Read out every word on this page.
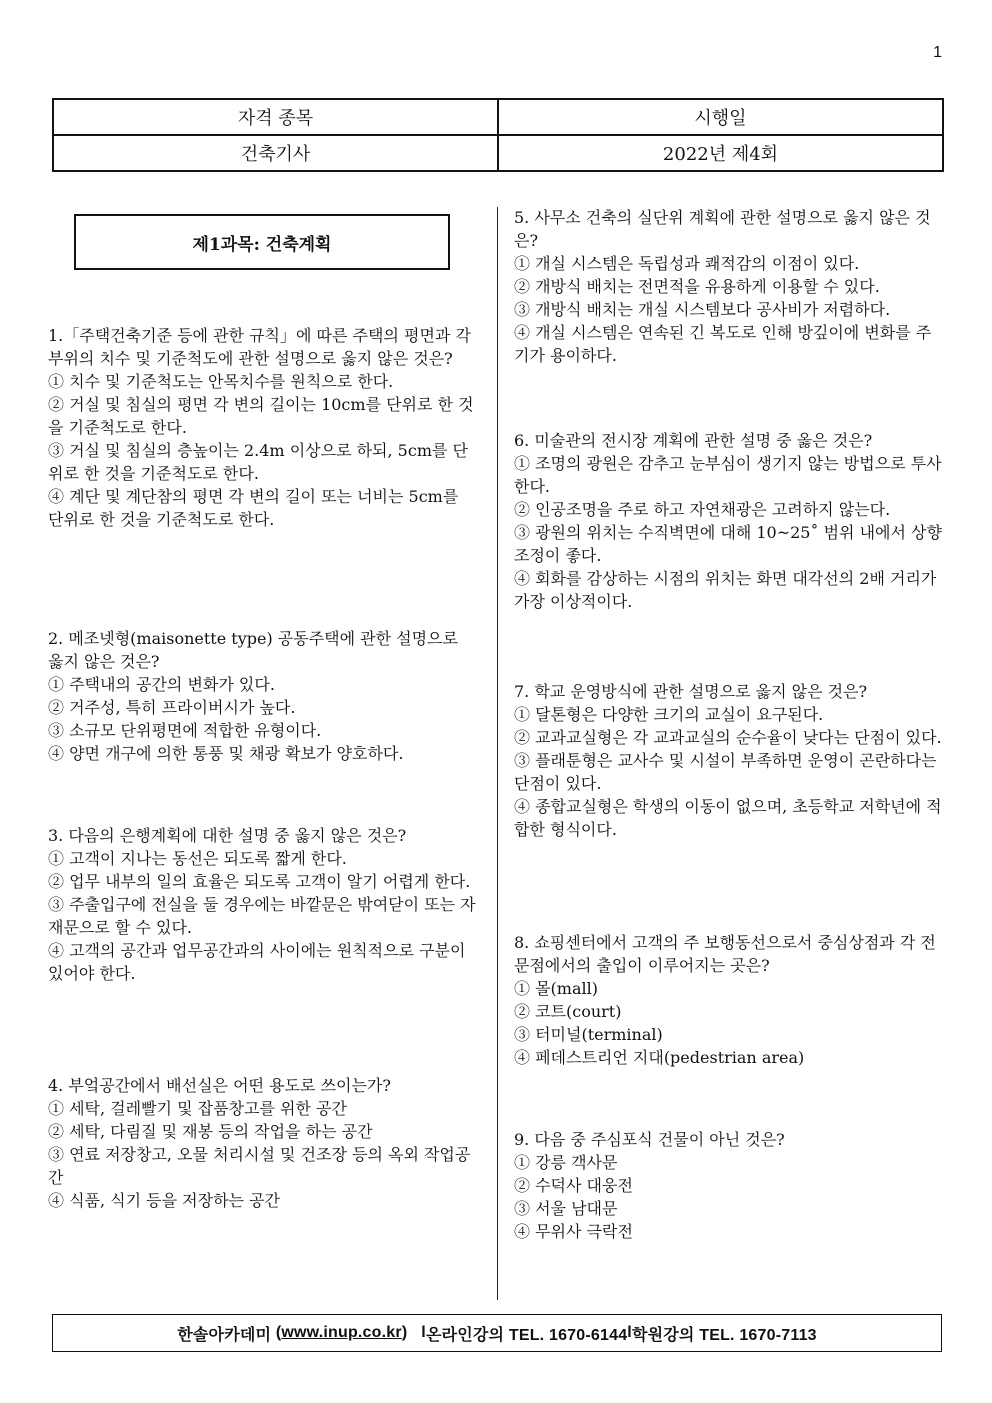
1
자격 종목	시행일
건축기사	2022년 제4회
제1과목: 건축계획
1.「주택건축기준 등에 관한 규칙」에 따른 주택의 평면과 각 부위의 치수 및 기준척도에 관한 설명으로 옳지 않은 것은?
① 치수 및 기준척도는 안목치수를 원칙으로 한다.
② 거실 및 침실의 평면 각 변의 길이는 10cm를 단위로 한 것을 기준척도로 한다.
③ 거실 및 침실의 층높이는 2.4m 이상으로 하되, 5cm를 단위로 한 것을 기준척도로 한다.
④ 계단 및 계단참의 평면 각 변의 길이 또는 너비는 5cm를 단위로 한 것을 기준척도로 한다.
2. 메조넷형(maisonette type) 공동주택에 관한 설명으로 옳지 않은 것은?
① 주택내의 공간의 변화가 있다.
② 거주성, 특히 프라이버시가 높다.
③ 소규모 단위평면에 적합한 유형이다.
④ 양면 개구에 의한 통풍 및 채광 확보가 양호하다.
3. 다음의 은행계획에 대한 설명 중 옳지 않은 것은?
① 고객이 지나는 동선은 되도록 짧게 한다.
② 업무 내부의 일의 효율은 되도록 고객이 알기 어렵게 한다.
③ 주출입구에 전실을 둘 경우에는 바깥문은 밖여닫이 또는 자재문으로 할 수 있다.
④ 고객의 공간과 업무공간과의 사이에는 원칙적으로 구분이 있어야 한다.
4. 부엌공간에서 배선실은 어떤 용도로 쓰이는가?
① 세탁, 걸레빨기 및 잡품창고를 위한 공간
② 세탁, 다림질 및 재봉 등의 작업을 하는 공간
③ 연료 저장창고, 오물 처리시설 및 건조장 등의 옥외 작업공간
④ 식품, 식기 등을 저장하는 공간
5. 사무소 건축의 실단위 계획에 관한 설명으로 옳지 않은 것은?
① 개실 시스템은 독립성과 쾌적감의 이점이 있다.
② 개방식 배치는 전면적을 유용하게 이용할 수 있다.
③ 개방식 배치는 개실 시스템보다 공사비가 저렴하다.
④ 개실 시스템은 연속된 긴 복도로 인해 방깊이에 변화를 주기가 용이하다.
6. 미술관의 전시장 계획에 관한 설명 중 옳은 것은?
① 조명의 광원은 감추고 눈부심이 생기지 않는 방법으로 투사한다.
② 인공조명을 주로 하고 자연채광은 고려하지 않는다.
③ 광원의 위치는 수직벽면에 대해 10~25˚ 범위 내에서 상향조정이 좋다.
④ 회화를 감상하는 시점의 위치는 화면 대각선의 2배 거리가 가장 이상적이다.
7. 학교 운영방식에 관한 설명으로 옳지 않은 것은?
① 달톤형은 다양한 크기의 교실이 요구된다.
② 교과교실형은 각 교과교실의 순수율이 낮다는 단점이 있다.
③ 플래툰형은 교사수 및 시설이 부족하면 운영이 곤란하다는 단점이 있다.
④ 종합교실형은 학생의 이동이 없으며, 초등학교 저학년에 적합한 형식이다.
8. 쇼핑센터에서 고객의 주 보행동선으로서 중심상점과 각 전문점에서의 출입이 이루어지는 곳은?
① 몰(mall)
② 코트(court)
③ 터미널(terminal)
④ 페데스트리언 지대(pedestrian area)
9. 다음 중 주심포식 건물이 아닌 것은?
① 강릉 객사문
② 수덕사 대웅전
③ 서울 남대문
④ 무위사 극락전
한솔아카데미 ( www.inup.co.kr ) l 온라인강의 TEL. 1670-6144 l 학원강의 TEL. 1670-7113
